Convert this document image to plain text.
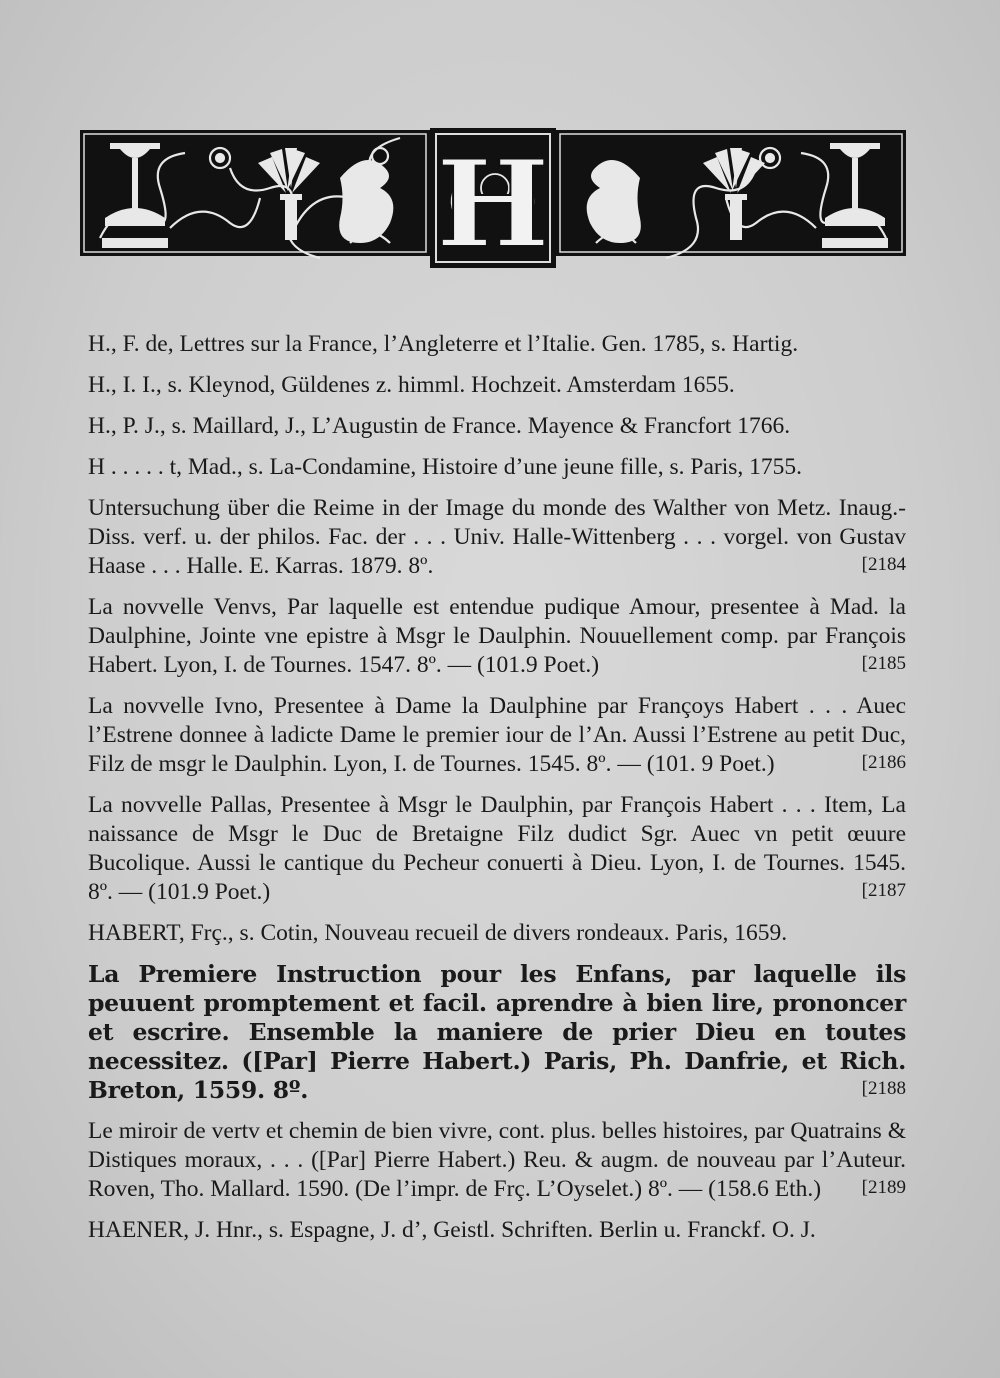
H
H., F. de, Lettres sur la France, l’Angleterre et l’Italie. Gen. 1785, s. Hartig.
H., I. I., s. Kleynod, Güldenes z. himml. Hochzeit. Amsterdam 1655.
H., P. J., s. Maillard, J., L’Augustin de France. Mayence & Francfort 1766.
H . . . . . t, Mad., s. La-Condamine, Histoire d’une jeune fille, s. Paris, 1755.
Untersuchung über die Reime in der Image du monde des Walther von Metz. Inaug.-Diss. verf. u. der philos. Fac. der . . . Univ. Halle-Wittenberg . . . vorgel. von Gustav Haase . . . Halle. E. Karras. 1879. 8º.	[2184
La novvelle Venvs, Par laquelle est entendue pudique Amour, presentee à Mad. la Daulphine, Jointe vne epistre à Msgr le Daulphin. Nouuellement comp. par François Habert. Lyon, I. de Tournes. 1547. 8º. — (101.9 Poet.)	[2185
La novvelle Ivno, Presentee à Dame la Daulphine par Françoys Habert . . . Auec l’Estrene donnee à ladicte Dame le premier iour de l’An. Aussi l’Estrene au petit Duc, Filz de msgr le Daulphin. Lyon, I. de Tournes. 1545. 8º. — (101. 9 Poet.)	[2186
La novvelle Pallas, Presentee à Msgr le Daulphin, par François Habert . . . Item, La naissance de Msgr le Duc de Bretaigne Filz dudict Sgr. Auec vn petit œuure Bucolique. Aussi le cantique du Pecheur conuerti à Dieu. Lyon, I. de Tournes. 1545. 8º. — (101.9 Poet.)	[2187
HABERT, Frç., s. Cotin, Nouveau recueil de divers rondeaux. Paris, 1659.
La Premiere Instruction pour les Enfans, par laquelle ils peuuent promptement et facil. aprendre à bien lire, prononcer et escrire. Ensemble la maniere de prier Dieu en toutes necessitez. ([Par] Pierre Habert.) Paris, Ph. Danfrie, et Rich. Breton, 1559. 8º.	[2188
Le miroir de vertv et chemin de bien vivre, cont. plus. belles histoires, par Quatrains & Distiques moraux, . . . ([Par] Pierre Habert.) Reu. & augm. de nouveau par l’Auteur. Roven, Tho. Mallard. 1590. (De l’impr. de Frç. L’Oyselet.) 8º. — (158.6 Eth.)	[2189
HAENER, J. Hnr., s. Espagne, J. d’, Geistl. Schriften. Berlin u. Franckf. O. J.
